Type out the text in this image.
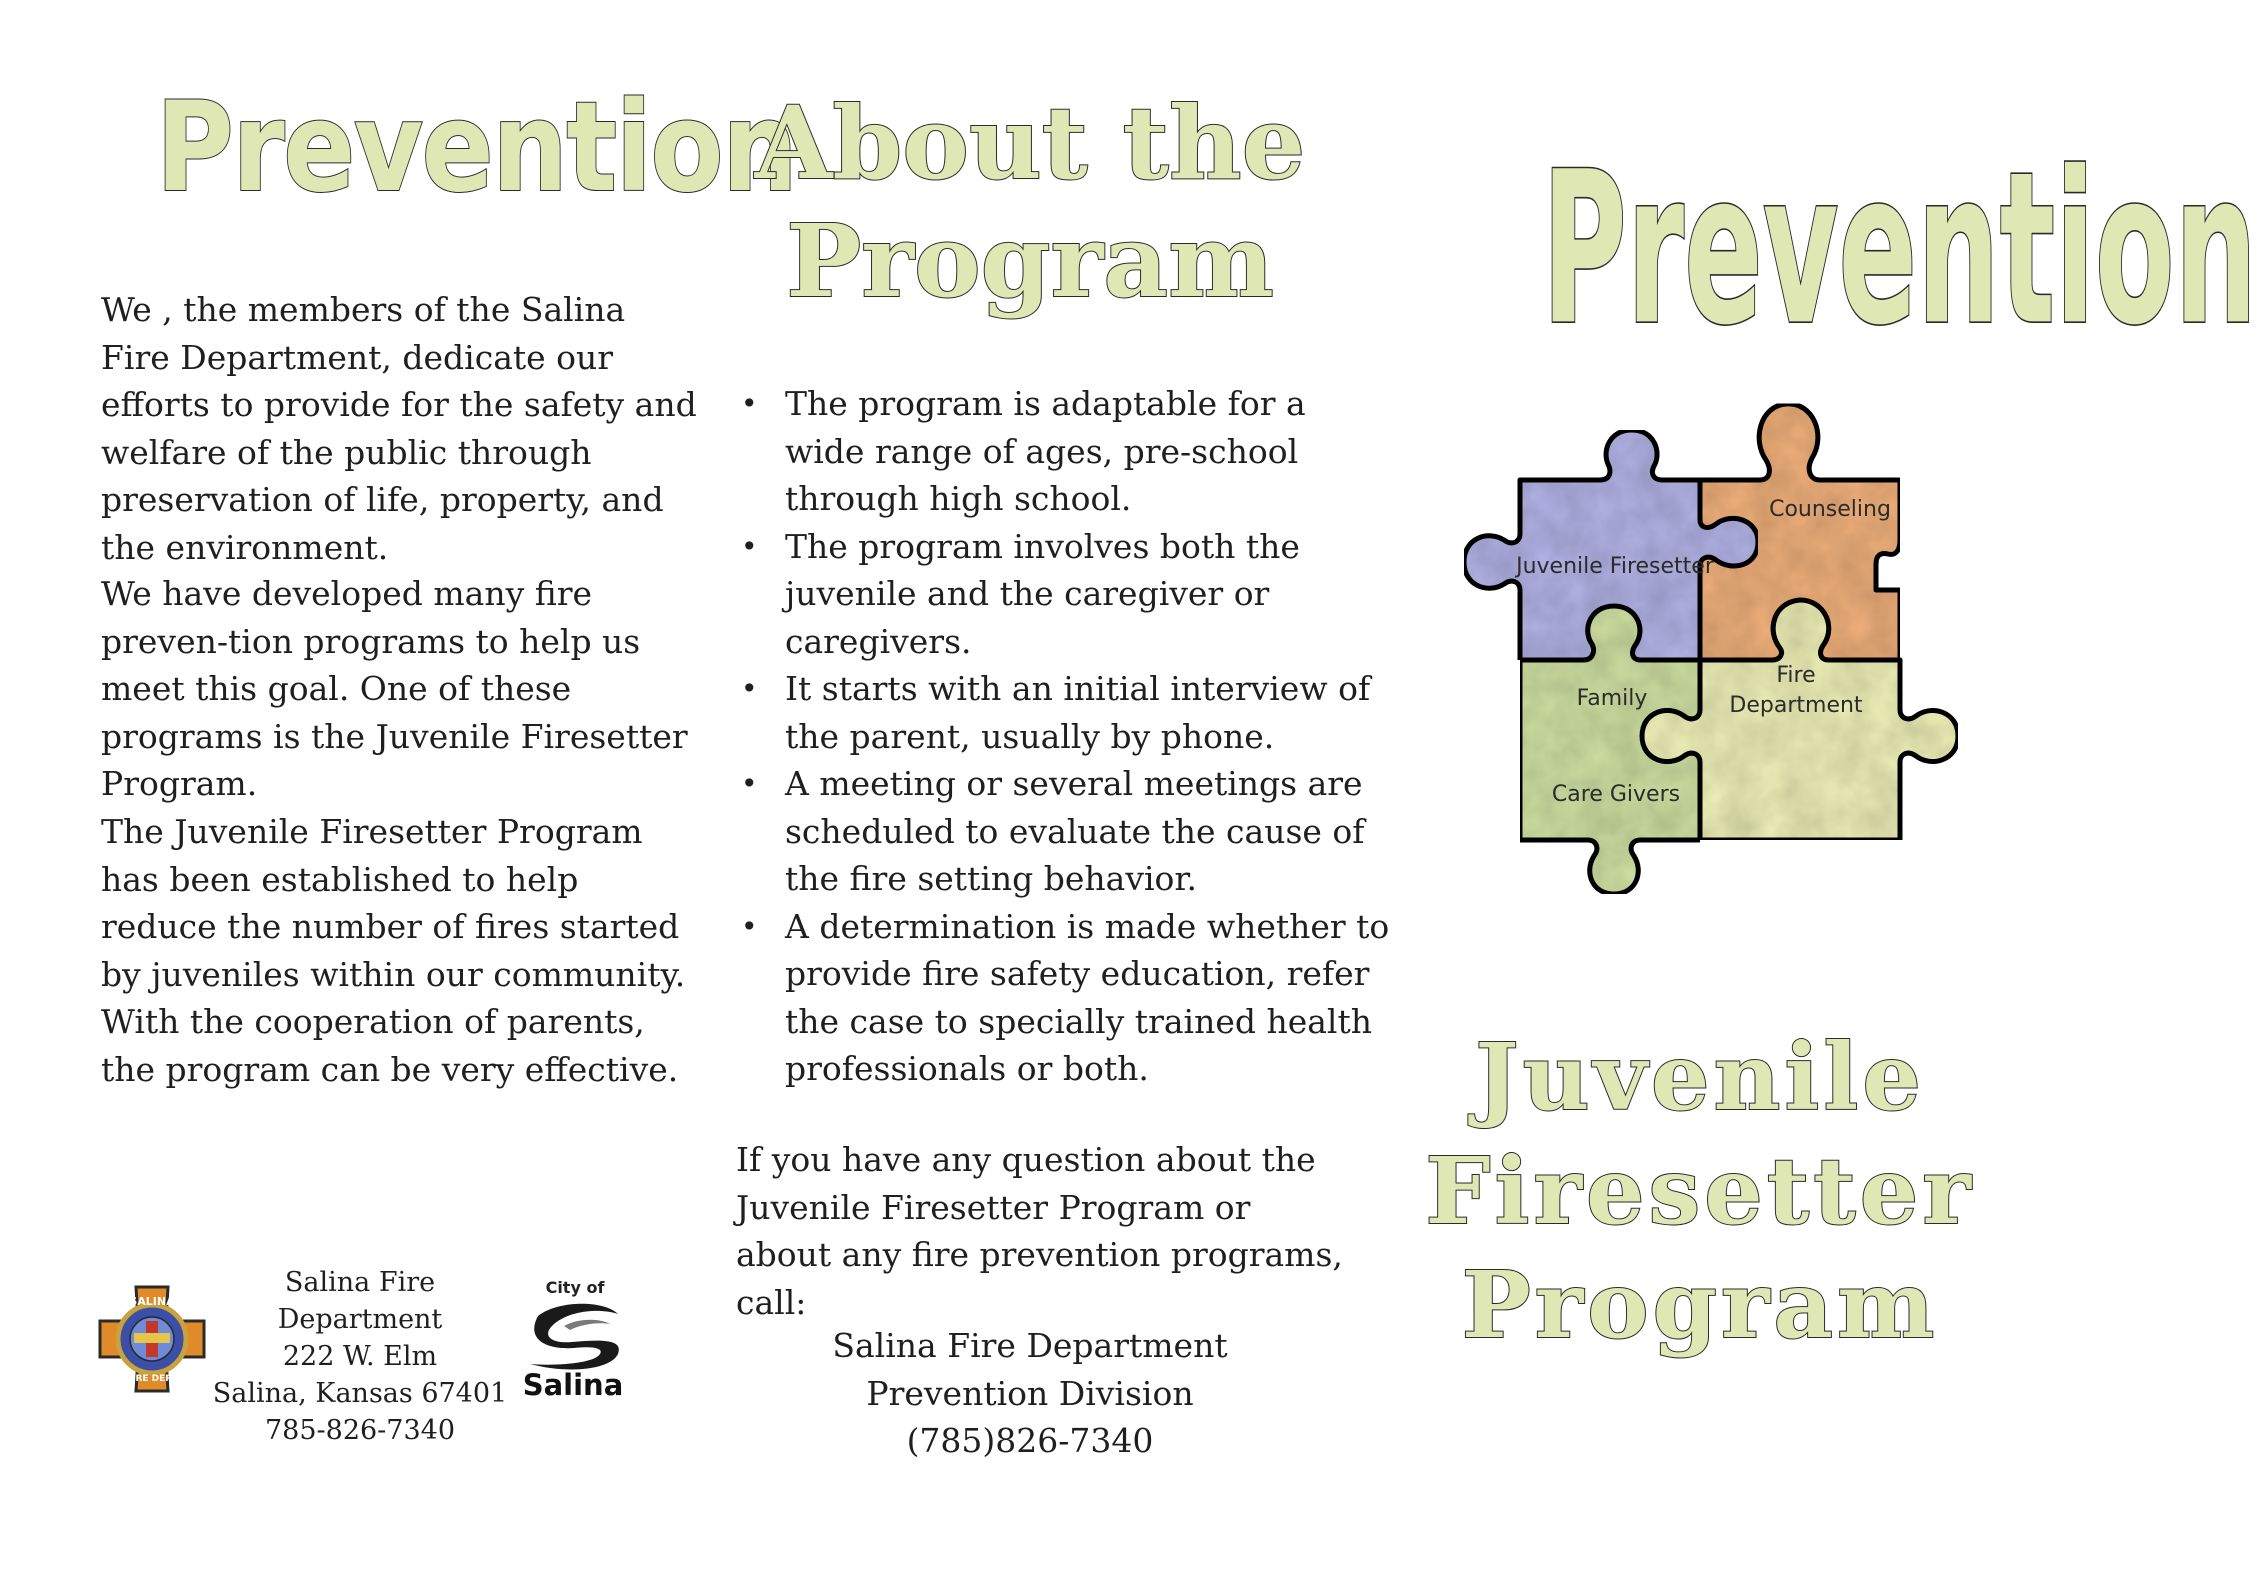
Prevention

We , the members of the Salina Fire Department, dedicate our efforts to provide for the safety and welfare of the public through preservation of life, property, and the environment.

We have developed many fire preven-tion programs to help us meet this goal. One of these programs is the Juvenile Firesetter Program.

The Juvenile Firesetter Program has been established to help reduce the number of fires started by juveniles within our community. With the cooperation of parents, the program can be very effective.

SALINA
FIRE DEPT
Salina Fire Department
222 W. Elm
Salina, Kansas 67401
785-826-7340
City of
Salina
About the
Program
• The program is adaptable for a wide range of ages, pre-school through high school.
• The program involves both the juvenile and the caregiver or caregivers.
• It starts with an initial interview of the parent, usually by phone.
• A meeting or several meetings are scheduled to evaluate the cause of the fire setting behavior.
• A determination is made whether to provide fire safety education, refer the case to specially trained health professionals or both.

If you have any question about the Juvenile Firesetter Program or about any fire prevention programs, call:

Salina Fire Department
Prevention Division
(785)826-7340
Prevention
Counseling
Juvenile Firesetter
Family
Care Givers
Fire
Department
Juvenile
Firesetter
Program
